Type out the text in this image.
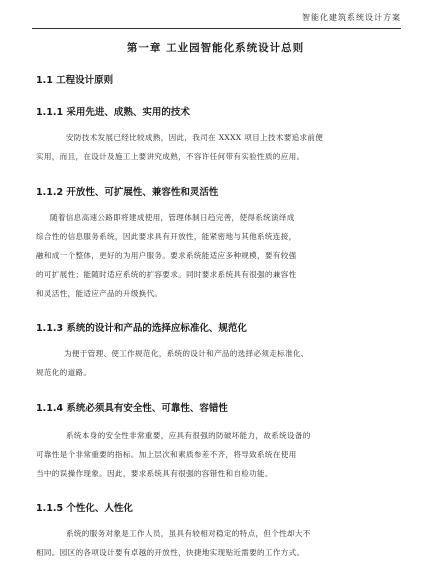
智能化建筑系统设计方案
第一章 工业园智能化系统设计总则
1.1 工程设计原则
1.1.1 采用先进、成熟、实用的技术
安防技术发展已经比较成熟，因此，我司在 XXXX 项目上技术要追求前便
实用，而且，在设计及施工上要讲究成熟，不容许任何带有实验性质的应用。
1.1.2 开放性、可扩展性、兼容性和灵活性
随着信息高速公路即将建成使用，管理体制日趋完善，使得系统演绎成
综合性的信息服务系统，因此要求具有开放性，能紧密地与其他系统连接，
融和成一个整体，更好的为用户服务。要求系统能适应多种规模，要有较强
的可扩展性；能随时适应系统的扩容要求。同时要求系统具有很强的兼容性
和灵活性，能适应产品的升级换代。
1.1.3 系统的设计和产品的选择应标准化、规范化
为便于管理、使工作规范化，系统的设计和产品的选择必须走标准化、
规范化的道路。
1.1.4 系统必须具有安全性、可靠性、容错性
系统本身的安全性非常重要，应具有很强的防破坏能力，故系统设备的
可靠性是个非常重要的指标。加上层次和素质参差不齐，将导致系统在使用
当中的误操作现象。因此，要求系统具有很强的容错性和自检功能。
1.1.5 个性化、人性化
系统的服务对象是工作人员，虽具有较相对稳定的特点，但个性却大不
相同。园区的各项设计要有卓越的开放性，快捷地实现贴近需要的工作方式。
